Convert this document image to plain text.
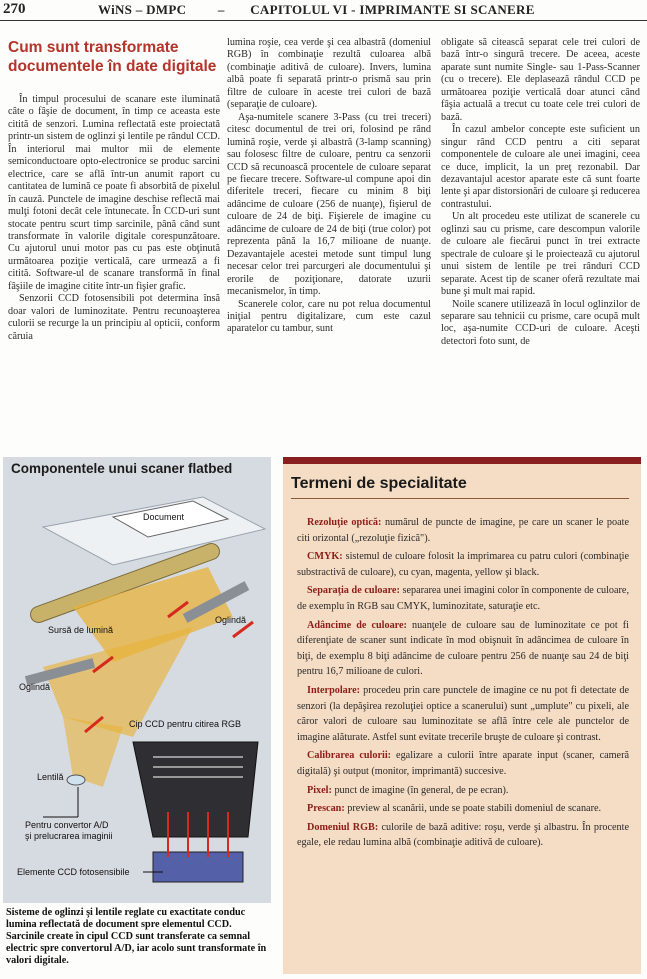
270	WiNS – DMPC – CAPITOLUL VI - IMPRIMANTE SI SCANERE
Cum sunt transformate documentele în date digitale

În timpul procesului de scanare este iluminată câte o fâşie de document, în timp ce aceasta este citită de senzori. Lumina reflectată este proiectată printr-un sistem de oglinzi şi lentile pe rândul CCD. În interiorul mai multor mii de elemente semiconductoare opto-electronice se produc sarcini electrice, care se află într-un anumit raport cu cantitatea de lumină ce poate fi absorbită de pixelul în cauză. Punctele de imagine deschise reflectă mai mulţi fotoni decât cele întunecate. În CCD-uri sunt stocate pentru scurt timp sarcinile, până când sunt transformate în valorile digitale corespunzătoare. Cu ajutorul unui motor pas cu pas este obţinută următoarea poziţie verticală, care urmează a fi citită. Software-ul de scanare transformă în final fâşiile de imagine citite într-un fişier grafic.

Senzorii CCD fotosensibili pot determina însă doar valori de luminozitate. Pentru recunoaşterea culorii se recurge la un principiu al opticii, conform căruia

lumina roşie, cea verde şi cea albastră (domeniul RGB) în combinaţie rezultă culoarea albă (combinaţie aditivă de culoare). Invers, lumina albă poate fi separată printr-o prismă sau prin filtre de culoare în aceste trei culori de bază (separaţie de culoare).

Aşa-numitele scanere 3-Pass (cu trei treceri) citesc documentul de trei ori, folosind pe rând lumină roşie, verde şi albastră (3-lamp scanning) sau folosesc filtre de culoare, pentru ca senzorii CCD să recunoască procentele de culoare separat pe fiecare trecere. Software-ul compune apoi din diferitele treceri, fiecare cu minim 8 biţi adâncime de culoare (256 de nuanţe), fişierul de culoare de 24 de biţi. Fişierele de imagine cu adâncime de culoare de 24 de biţi (true color) pot reprezenta până la 16,7 milioane de nuanţe. Dezavantajele acestei metode sunt timpul lung necesar celor trei parcurgeri ale documentului şi erorile de poziţionare, datorate uzurii mecanismelor, în timp.

Scanerele color, care nu pot relua documentul iniţial pentru digitalizare, cum este cazul aparatelor cu tambur, sunt

obligate să citească separat cele trei culori de bază într-o singură trecere. De aceea, aceste aparate sunt numite Single- sau 1-Pass-Scanner (cu o trecere). Ele deplasează rândul CCD pe următoarea poziţie verticală doar atunci când fâşia actuală a trecut cu toate cele trei culori de bază.

În cazul ambelor concepte este suficient un singur rând CCD pentru a citi separat componentele de culoare ale unei imagini, ceea ce duce, implicit, la un preţ rezonabil. Dar dezavantajul acestor aparate este că sunt foarte lente şi apar distorsionări de culoare şi reducerea contrastului.

Un alt procedeu este utilizat de scanerele cu oglinzi sau cu prisme, care descompun valorile de culoare ale fiecărui punct în trei extracte spectrale de culoare şi le proiectează cu ajutorul unui sistem de lentile pe trei rânduri CCD separate. Acest tip de scaner oferă rezultate mai bune şi mult mai rapid.

Noile scanere utilizează în locul oglinzilor de separare sau tehnicii cu prisme, care ocupă mult loc, aşa-numite CCD-uri de culoare. Aceşti detectori foto sunt, de

Componentele unui scaner flatbed
Document
Sursă de lumină
Oglindă
Oglindă
Cip CCD pentru citirea RGB
Lentilă
Pentru convertor A/D
şi prelucrarea imaginii
Elemente CCD fotosensibile
Sisteme de oglinzi şi lentile reglate cu exactitate conduc lumina reflectată de document spre elementul CCD. Sarcinile create în cipul CCD sunt transferate ca semnal electric spre convertorul A/D, iar acolo sunt transformate în valori digitale.
Termeni de specialitate

Rezoluţie optică: numărul de puncte de imagine, pe care un scaner le poate citi orizontal („rezoluţie fizică").

CMYK: sistemul de culoare folosit la imprimarea cu patru culori (combinaţie substractivă de culoare), cu cyan, magenta, yellow şi black.

Separaţia de culoare: separarea unei imagini color în componente de culoare, de exemplu în RGB sau CMYK, luminozitate, saturaţie etc.

Adâncime de culoare: nuanţele de culoare sau de luminozitate ce pot fi diferenţiate de scaner sunt indicate în mod obişnuit în adâncimea de culoare în biţi, de exemplu 8 biţi adâncime de culoare pentru 256 de nuanţe sau 24 de biţi pentru 16,7 milioane de culori.

Interpolare: procedeu prin care punctele de imagine ce nu pot fi detectate de senzori (la depăşirea rezoluţiei optice a scanerului) sunt „umplute" cu pixeli, ale căror valori de culoare sau luminozitate se află între cele ale punctelor de imagine alăturate. Astfel sunt evitate trecerile bruşte de culoare şi contrast.

Calibrarea culorii: egalizare a culorii între aparate input (scaner, cameră digitală) şi output (monitor, imprimantă) succesive.

Pixel: punct de imagine (în general, de pe ecran).

Prescan: preview al scanării, unde se poate stabili domeniul de scanare.

Domeniul RGB: culorile de bază aditive: roşu, verde şi albastru. În procente egale, ele redau lumina albă (combinaţie aditivă de culoare).
